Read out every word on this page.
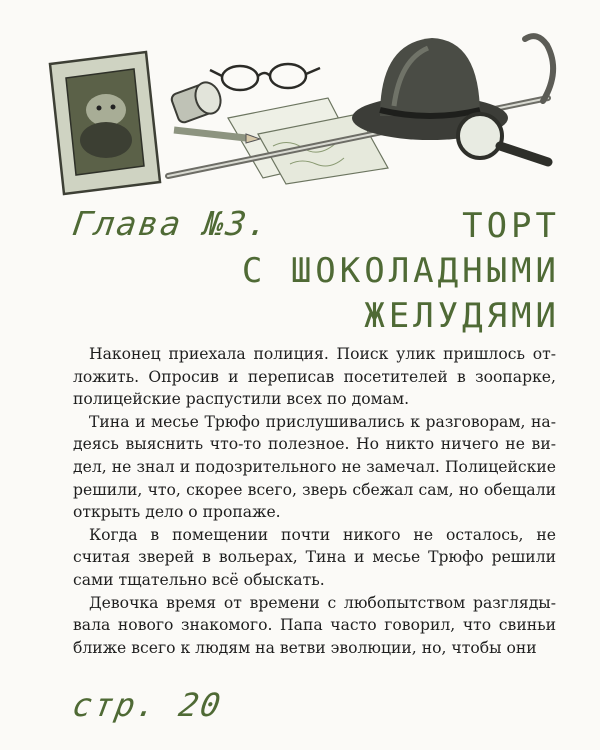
Глава №3.	ТОРТ
С ШОКОЛАДНЫМИ
ЖЕЛУДЯМИ

Наконец приехала полиция. Поиск улик пришлось отложить. Опросив и переписав посетителей в зоопарке, полицейские распустили всех по домам.

Тина и месье Трюфо прислушивались к разговорам, надеясь выяснить что-то полезное. Но никто ничего не видел, не знал и подозрительного не замечал. Полицейские решили, что, скорее всего, зверь сбежал сам, но обещали открыть дело о пропаже.

Когда в помещении почти никого не осталось, не считая зверей в вольерах, Тина и месье Трюфо решили сами тщательно всё обыскать.

Девочка время от времени с любопытством разглядывала нового знакомого. Папа часто говорил, что свиньи ближе всего к людям на ветви эволюции, но, чтобы они

стр. 20
